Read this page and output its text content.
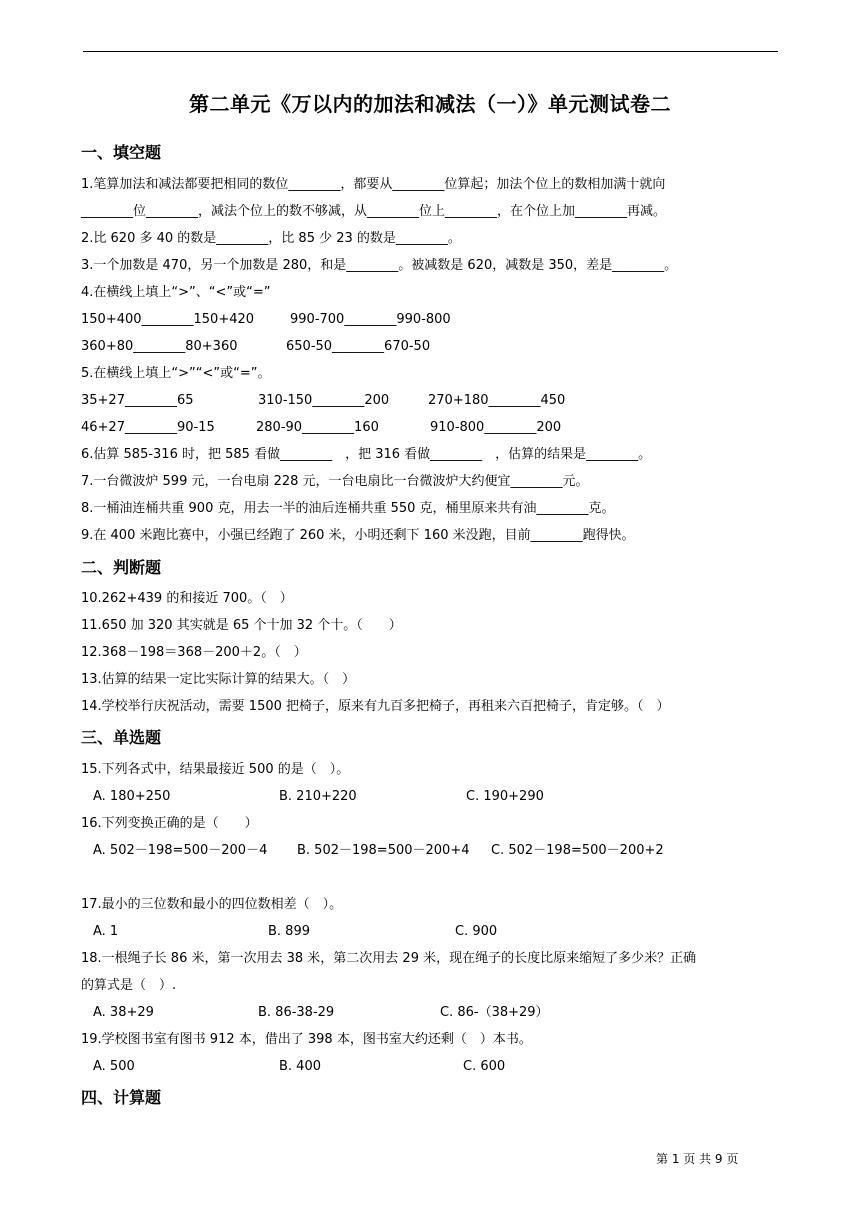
第二单元《万以内的加法和减法（一）》单元测试卷二
一、填空题
1.笔算加法和减法都要把相同的数位________，都要从________位算起；加法个位上的数相加满十就向
________位________，减法个位上的数不够减，从________位上________，在个位上加________再减。
2.比 620 多 40 的数是________，比 85 少 23 的数是________。
3.一个加数是 470，另一个加数是 280，和是________。被减数是 620，减数是 350，差是________。
4.在横线上填上“>”、“<”或“=”
150+400________150+420	990-700________990-800
360+80________80+360	650-50________670-50
5.在横线上填上“>”“<”或“=”。
35+27________65	310-150________200	270+180________450
46+27________90-15	280-90________160	910-800________200
6.估算 585-316 时，把 585 看做________　，把 316 看做________　，估算的结果是________。
7.一台微波炉 599 元，一台电扇 228 元，一台电扇比一台微波炉大约便宜________元。
8.一桶油连桶共重 900 克，用去一半的油后连桶共重 550 克，桶里原来共有油________克。
9.在 400 米跑比赛中，小强已经跑了 260 米，小明还剩下 160 米没跑，目前________跑得快。
二、判断题
10.262+439 的和接近 700。（　）
11.650 加 320 其实就是 65 个十加 32 个十。（　　）
12.368－198＝368－200＋2。（　）
13.估算的结果一定比实际计算的结果大。（　）
14.学校举行庆祝活动，需要 1500 把椅子，原来有九百多把椅子，再租来六百把椅子，肯定够。（　）
三、单选题
15.下列各式中，结果最接近 500 的是（　）。
A. 180+250	B. 210+220	C. 190+290
16.下列变换正确的是（　　）
A. 502－198=500－200－4 B. 502－198=500－200+4 C. 502－198=500－200+2
17.最小的三位数和最小的四位数相差（　）。
A. 1	B. 899	C. 900
18.一根绳子长 86 米，第一次用去 38 米，第二次用去 29 米，现在绳子的长度比原来缩短了多少米？正确
的算式是（　）.
A. 38+29	B. 86-38-29	C. 86-（38+29）
19.学校图书室有图书 912 本，借出了 398 本，图书室大约还剩（　）本书。
A. 500	B. 400	C. 600
四、计算题
第 1 页 共 9 页
